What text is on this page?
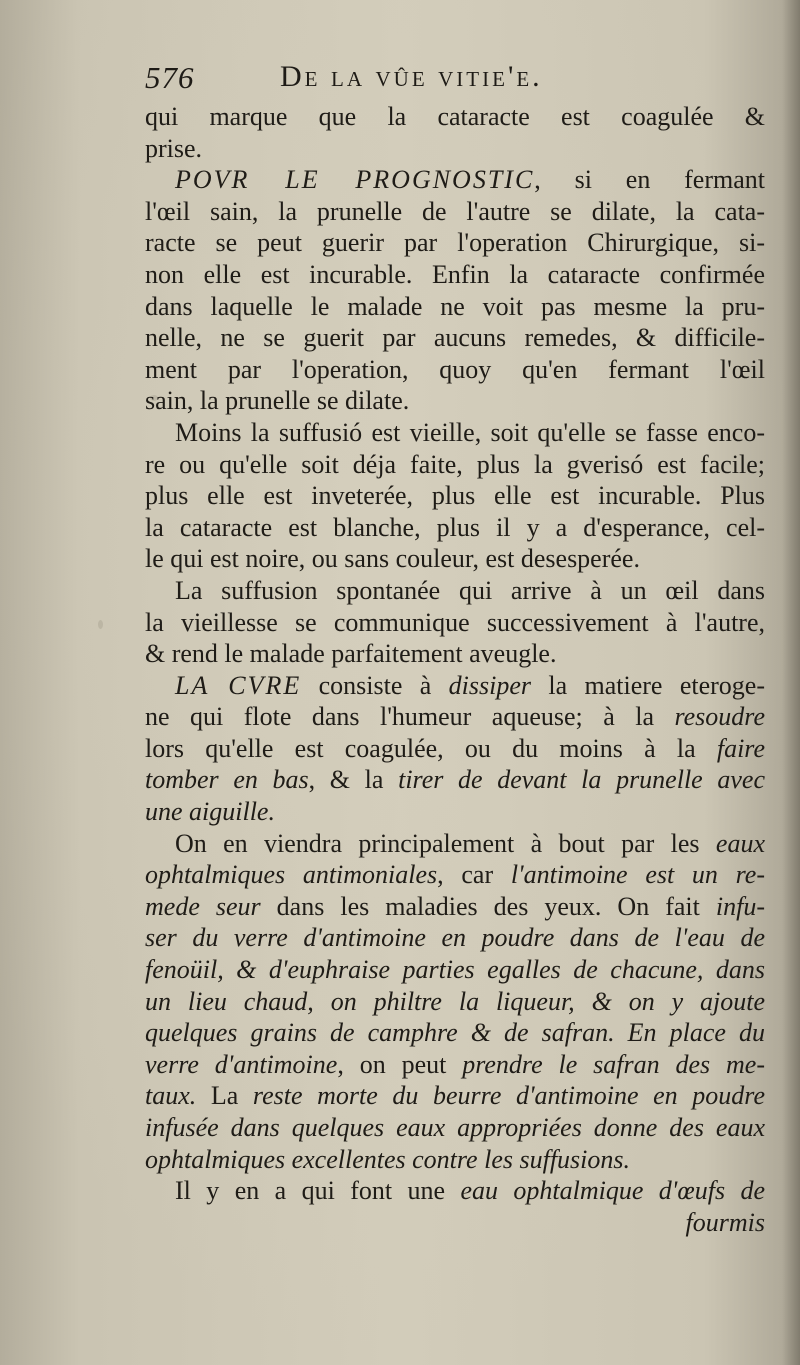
576	De la vûe vitie'e.
qui marque que la cataracte est coagulée &
prise.
POVR LE PROGNOSTIC, si en fermant
l'œil sain, la prunelle de l'autre se dilate, la cata-
racte se peut guerir par l'operation Chirurgique, si-
non elle est incurable. Enfin la cataracte confirmée
dans laquelle le malade ne voit pas mesme la pru-
nelle, ne se guerit par aucuns remedes, & difficile-
ment par l'operation, quoy qu'en fermant l'œil
sain, la prunelle se dilate.
Moins la suffusió est vieille, soit qu'elle se fasse enco-
re ou qu'elle soit déja faite, plus la gverisó est facile;
plus elle est inveterée, plus elle est incurable. Plus
la cataracte est blanche, plus il y a d'esperance, cel-
le qui est noire, ou sans couleur, est desesperée.
La suffusion spontanée qui arrive à un œil dans
la vieillesse se communique successivement à l'autre,
& rend le malade parfaitement aveugle.
LA CVRE consiste à dissiper la matiere eteroge-
ne qui flote dans l'humeur aqueuse; à la resoudre
lors qu'elle est coagulée, ou du moins à la faire
tomber en bas, & la tirer de devant la prunelle avec
une aiguille.
On en viendra principalement à bout par les eaux
ophtalmiques antimoniales, car l'antimoine est un re-
mede seur dans les maladies des yeux. On fait infu-
ser du verre d'antimoine en poudre dans de l'eau de
fenoüil, & d'euphraise parties egalles de chacune, dans
un lieu chaud, on philtre la liqueur, & on y ajoute
quelques grains de camphre & de safran. En place du
verre d'antimoine, on peut prendre le safran des me-
taux. La reste morte du beurre d'antimoine en poudre
infusée dans quelques eaux appropriées donne des eaux
ophtalmiques excellentes contre les suffusions.
Il y en a qui font une eau ophtalmique d'œufs de
fourmis
